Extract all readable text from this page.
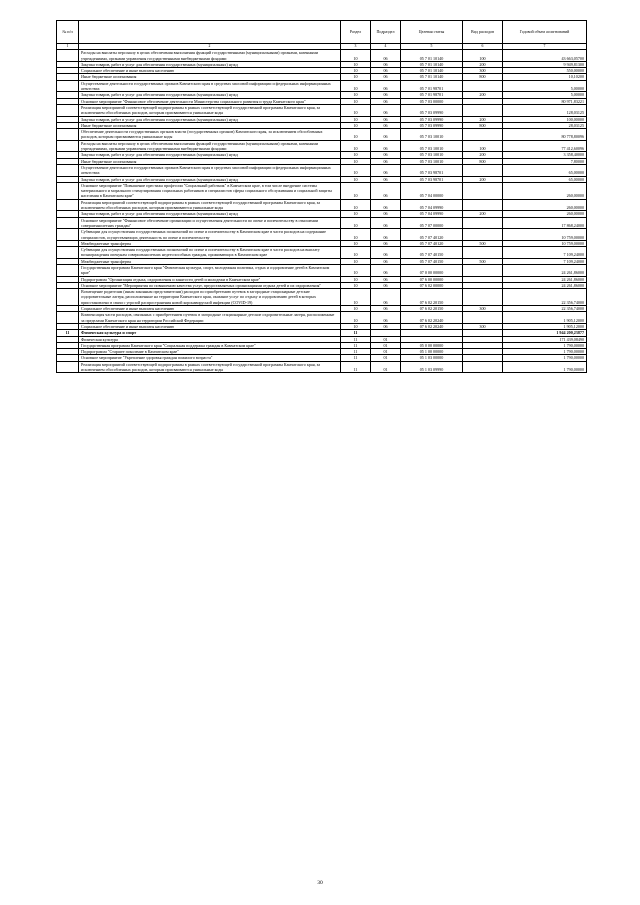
№ п/п		Раздел	Подраздел	Целевая статья	Вид расходов	Годовой объем ассигнований
1	2	3	4	5	6	7
	Расходы на выплаты персоналу в целях обеспечения выполнения функций государственными (муниципальными) органами, казенными учреждениями, органами управления государственными внебюджетными фондами	10	06	05 7 01 10140	100	43 663,05700
	Закупка товаров, работ и услуг для обеспечения государственных (муниципальных) нужд	10	06	05 7 01 10140	200	9 949,81300
	Социальное обеспечение и иные выплаты населению	10	06	05 7 01 10140	300	550,00000
	Иные бюджетные ассигнования	10	06	05 7 01 10140	800	10,10200
	Осуществление деятельности государственных органов Камчатского края в средствах массовой информации и федеральных информационных агентствах	10	06	05 7 01 98701		5,00000
	Закупка товаров, работ и услуг для обеспечения государственных (муниципальных) нужд	10	06	05 7 01 98701	200	5,00000
	Основное мероприятие "Финансовое обеспечение деятельности Министерства социального развития и труда Камчатского края"	10	06	05 7 03 00000		80 971,83221
	Реализация мероприятий соответствующей подпрограммы в рамках соответствующей государственной программы Камчатского края, за исключением обособленных расходов, которым присваиваются уникальные коды	10	06	05 7 03 09990		128,03125
	Закупка товаров, работ и услуг для обеспечения государственных (муниципальных) нужд	10	06	05 7 03 09990	200	100,00000
	Иные бюджетные ассигнования	10	06	05 7 03 09990	800	28,03125
	Обеспечение деятельности государственных органов власти (государственных органов) Камчатского края, за исключением обособленных расходов, которым присваиваются уникальные коды	10	06	05 7 03 10010		80 778,80096
	Расходы на выплаты персоналу в целях обеспечения выполнения функций государственными (муниципальными) органами, казенными учреждениями, органами управления государственными внебюджетными фондами	10	06	05 7 03 10010	100	77 412,60096
	Закупка товаров, работ и услуг для обеспечения государственных (муниципальных) нужд	10	06	05 7 03 10010	200	3 358,40000
	Иные бюджетные ассигнования	10	06	05 7 03 10010	800	7,80000
	Осуществление деятельности государственных органов Камчатского края в средствах массовой информации и федеральных информационных агентствах	10	06	05 7 03 98701		65,00000
	Закупка товаров, работ и услуг для обеспечения государственных (муниципальных) нужд	10	06	05 7 03 98701	200	65,00000
	Основное мероприятие "Повышение престижа профессии "Социальный работник" в Камчатском крае, в том числе внедрение системы материального и морального стимулирования социальных работников и специалистов сферы социального обслуживания и социальной защиты населения в Камчатском крае"	10	06	05 7 04 00000		260,00000
	Реализация мероприятий соответствующей подпрограммы в рамках соответствующей государственной программы Камчатского края, за исключением обособленных расходов, которым присваиваются уникальные коды	10	06	05 7 04 09990		260,00000
	Закупка товаров, работ и услуг для обеспечения государственных (муниципальных) нужд	10	06	05 7 04 09990	200	260,00000
	Основное мероприятие "Финансовое обеспечение организации и осуществления деятельности по опеке и попечительству в отношении совершеннолетних граждан"	10	06	05 7 07 00000		17 868,24000
	Субвенции для осуществления государственных полномочий по опеке и попечительству в Камчатском крае в части расходов на содержание специалистов, осуществляющих деятельность по опеке и попечительству	10	06	05 7 07 40120		10 759,00000
	Межбюджетные трансферты	10	06	05 7 07 40120	500	10 759,00000
	Субвенции для осуществления государственных полномочий по опеке и попечительству в Камчатском крае в части расходов на выплату вознаграждения опекунам совершеннолетних недееспособных граждан, проживающих в Камчатском крае	10	06	05 7 07 40150		7 109,24000
	Межбюджетные трансферты	10	06	05 7 07 40150	500	7 109,24000
	Государственная программа Камчатского края "Физическая культура, спорт, молодежная политика, отдых и оздоровление детей в Камчатском крае"	10	06	07 0 00 00000		24 261,86000
	Подпрограмма "Организация отдыха, оздоровления и занятости детей и молодежи в Камчатском крае"	10	06	07 6 00 00000		24 261,86000
	Основное мероприятие "Мероприятия по повышению качества услуг, предоставляемых организациями отдыха детей и их оздоровления"	10	06	07 6 02 00000		24 261,86000
	Возмещение родителям (иным законным представителям) расходов по приобретению путевок в загородные стационарные детские оздоровительные лагеря, расположенные на территории Камчатского края, оказание услуг по отдыху и оздоровлению детей в которых приостановлено в связи с угрозой распространения новой коронавирусной инфекции (COVID-19)	10	06	07 6 02 20150		22 356,74000
	Социальное обеспечение и иные выплаты населению	10	06	07 6 02 20150	300	22 356,74000
	Компенсация части расходов, связанных с приобретением путевок в загородные стационарные детские оздоровительные лагеря, расположенные за пределами Камчатского края на территории Российской Федерации	10	06	07 6 02 20240		1 905,12000
	Социальное обеспечение и иные выплаты населению	10	06	07 6 02 20240	300	1 905,12000
11	Физическая культура и спорт	11				1 944 200,23877
	Физическая культура	11	01			171 439,08490
	Государственная программа Камчатского края "Социальная поддержка граждан в Камчатском крае"	11	01	05 0 00 00000		1 790,00000
	Подпрограмма "Старшее поколение в Камчатском крае"	11	01	05 1 00 00000		1 790,00000
	Основное мероприятие "Укрепление здоровья граждан пожилого возраста"	11	01	05 1 03 00000		1 790,00000
	Реализация мероприятий соответствующей подпрограммы в рамках соответствующей государственной программы Камчатского края, за исключением обособленных расходов, которым присваиваются уникальные коды	11	01	05 1 03 09990		1 790,00000
30
